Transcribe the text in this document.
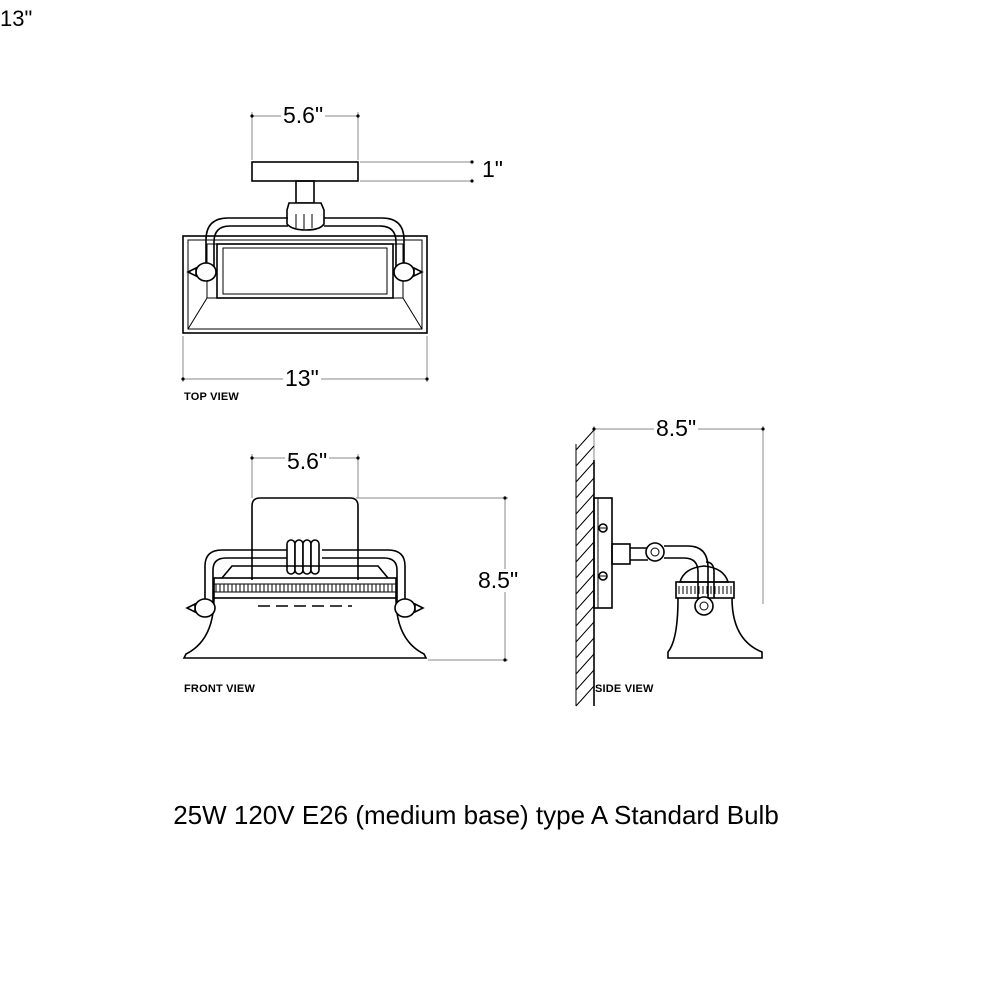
13"
5.6"
1"
13"
TOP VIEW
5.6"
8.5"
FRONT VIEW
8.5"
SIDE VIEW
25W 120V E26 (medium base) type A Standard Bulb
